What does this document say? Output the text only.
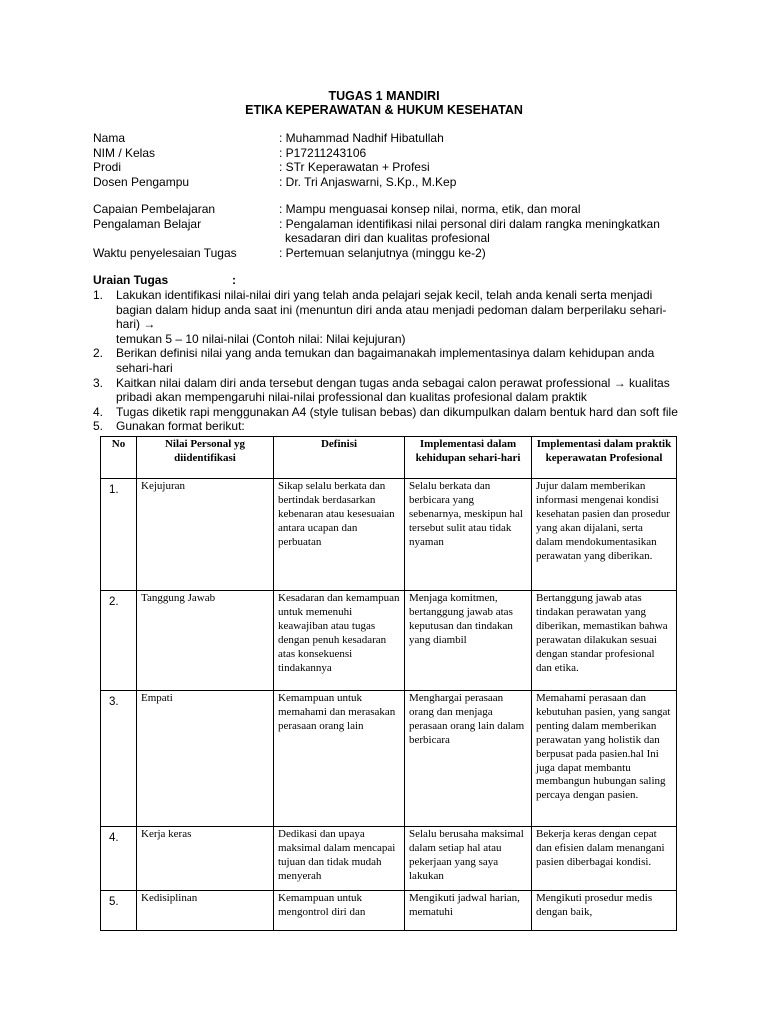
TUGAS 1 MANDIRI
ETIKA KEPERAWATAN & HUKUM KESEHATAN
Nama	: Muhammad Nadhif Hibatullah
NIM / Kelas	: P17211243106
Prodi	: STr Keperawatan + Profesi
Dosen Pengampu	: Dr. Tri Anjaswarni, S.Kp., M.Kep
Capaian Pembelajaran	: Mampu menguasai konsep nilai, norma, etik, dan moral
Pengalaman Belajar	: Pengalaman identifikasi nilai personal diri dalam rangka meningkatkan
kesadaran diri dan kualitas profesional
Waktu penyelesaian Tugas	: Pertemuan selanjutnya (minggu ke-2)
Uraian Tugas	:
1. Lakukan identifikasi nilai-nilai diri yang telah anda pelajari sejak kecil, telah anda kenali serta menjadi bagian dalam hidup anda saat ini (menuntun diri anda atau menjadi pedoman dalam berperilaku sehari-hari) →
temukan 5 – 10 nilai-nilai (Contoh nilai: Nilai kejujuran)
2. Berikan definisi nilai yang anda temukan dan bagaimanakah implementasinya dalam kehidupan anda sehari-hari
3. Kaitkan nilai dalam diri anda tersebut dengan tugas anda sebagai calon perawat professional → kualitas pribadi akan mempengaruhi nilai-nilai professional dan kualitas profesional dalam praktik
4. Tugas diketik rapi menggunakan A4 (style tulisan bebas) dan dikumpulkan dalam bentuk hard dan soft file
5. Gunakan format berikut:
No	Nilai Personal yg diidentifikasi	Definisi	Implementasi dalam kehidupan sehari-hari	Implementasi dalam praktik keperawatan Profesional
1.	Kejujuran	Sikap selalu berkata dan bertindak berdasarkan kebenaran atau kesesuaian antara ucapan dan perbuatan	Selalu berkata dan berbicara yang sebenarnya, meskipun hal tersebut sulit atau tidak nyaman	Jujur dalam memberikan informasi mengenai kondisi kesehatan pasien dan prosedur yang akan dijalani, serta dalam mendokumentasikan perawatan yang diberikan.
2.	Tanggung Jawab	Kesadaran dan kemampuan untuk memenuhi keawajiban atau tugas dengan penuh kesadaran atas konsekuensi tindakannya	Menjaga komitmen, bertanggung jawab atas keputusan dan tindakan yang diambil	Bertanggung jawab atas tindakan perawatan yang diberikan, memastikan bahwa perawatan dilakukan sesuai dengan standar profesional dan etika.
3.	Empati	Kemampuan untuk memahami dan merasakan perasaan orang lain	Menghargai perasaan orang dan menjaga perasaan orang lain dalam berbicara	Memahami perasaan dan kebutuhan pasien, yang sangat penting dalam memberikan perawatan yang holistik dan berpusat pada pasien.hal Ini juga dapat membantu membangun hubungan saling percaya dengan pasien.
4.	Kerja keras	Dedikasi dan upaya maksimal dalam mencapai tujuan dan tidak mudah menyerah	Selalu berusaha maksimal dalam setiap hal atau pekerjaan yang saya lakukan	Bekerja keras dengan cepat dan efisien dalam menangani pasien diberbagai kondisi.
5.	Kedisiplinan	Kemampuan untuk mengontrol diri dan	Mengikuti jadwal harian, mematuhi	Mengikuti prosedur medis dengan baik,
